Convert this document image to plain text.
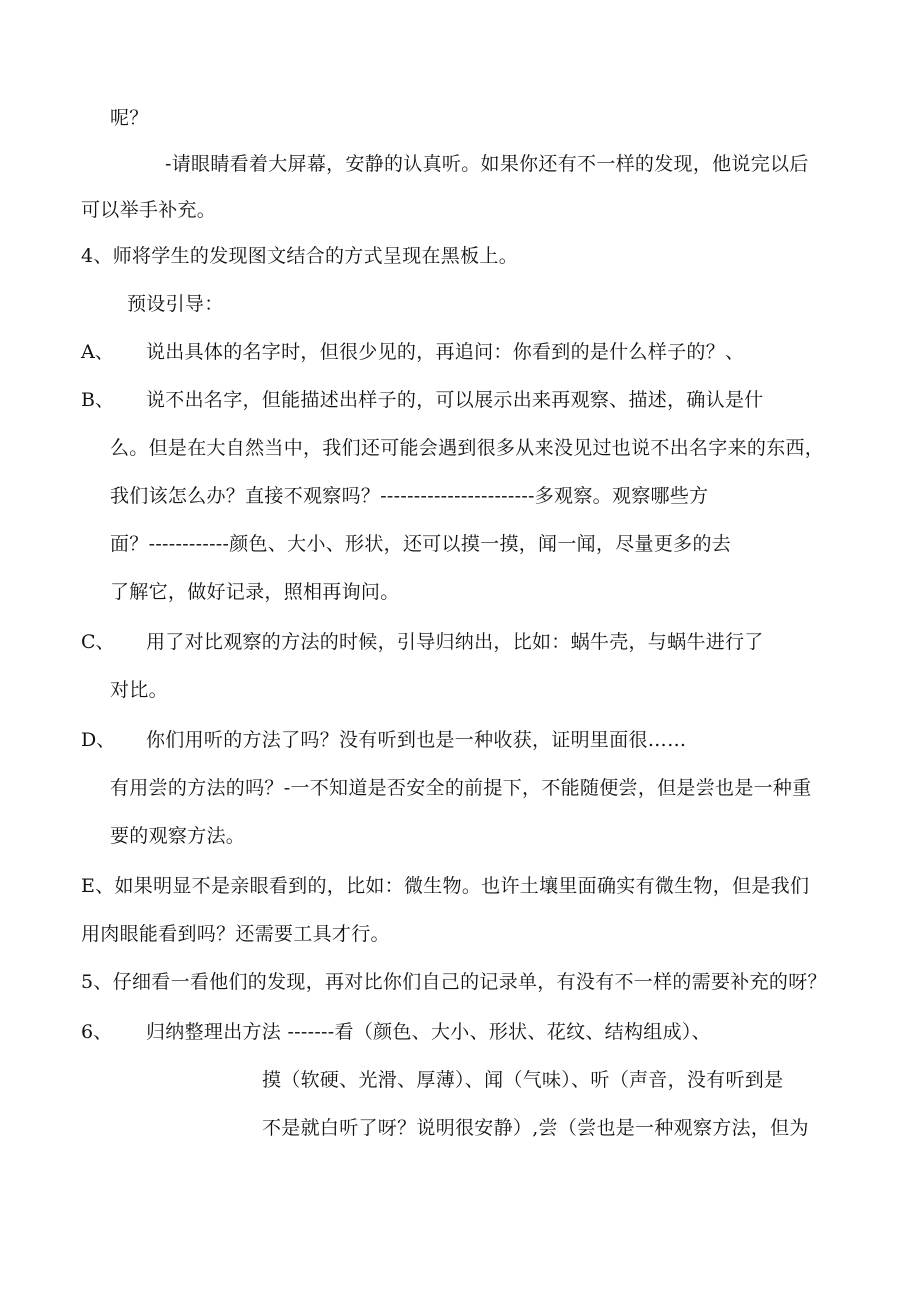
呢？
-请眼睛看着大屏幕，安静的认真听。如果你还有不一样的发现，他说完以后
可以举手补充。
4、师将学生的发现图文结合的方式呈现在黑板上。
预设引导：
A、 说出具体的名字时，但很少见的，再追问：你看到的是什么样子的？、
B、 说不出名字，但能描述出样子的，可以展示出来再观察、描述，确认是什
么。但是在大自然当中，我们还可能会遇到很多从来没见过也说不出名字来的东西，
我们该怎么办？直接不观察吗？-----------------------多观察。观察哪些方
面？------------颜色、大小、形状，还可以摸一摸，闻一闻，尽量更多的去
了解它，做好记录，照相再询问。
C、 用了对比观察的方法的时候，引导归纳出，比如：蜗牛壳，与蜗牛进行了
对比。
D、 你们用听的方法了吗？没有听到也是一种收获，证明里面很……
有用尝的方法的吗？-一不知道是否安全的前提下，不能随便尝，但是尝也是一种重
要的观察方法。
E、如果明显不是亲眼看到的，比如：微生物。也许土壤里面确实有微生物，但是我们
用肉眼能看到吗？还需要工具才行。
5、仔细看一看他们的发现，再对比你们自己的记录单，有没有不一样的需要补充的呀？
6、 归纳整理出方法 -------看（颜色、大小、形状、花纹、结构组成）、
摸（软硬、光滑、厚薄）、闻（气味）、听（声音，没有听到是
不是就白听了呀？说明很安静）,尝（尝也是一种观察方法，但为
